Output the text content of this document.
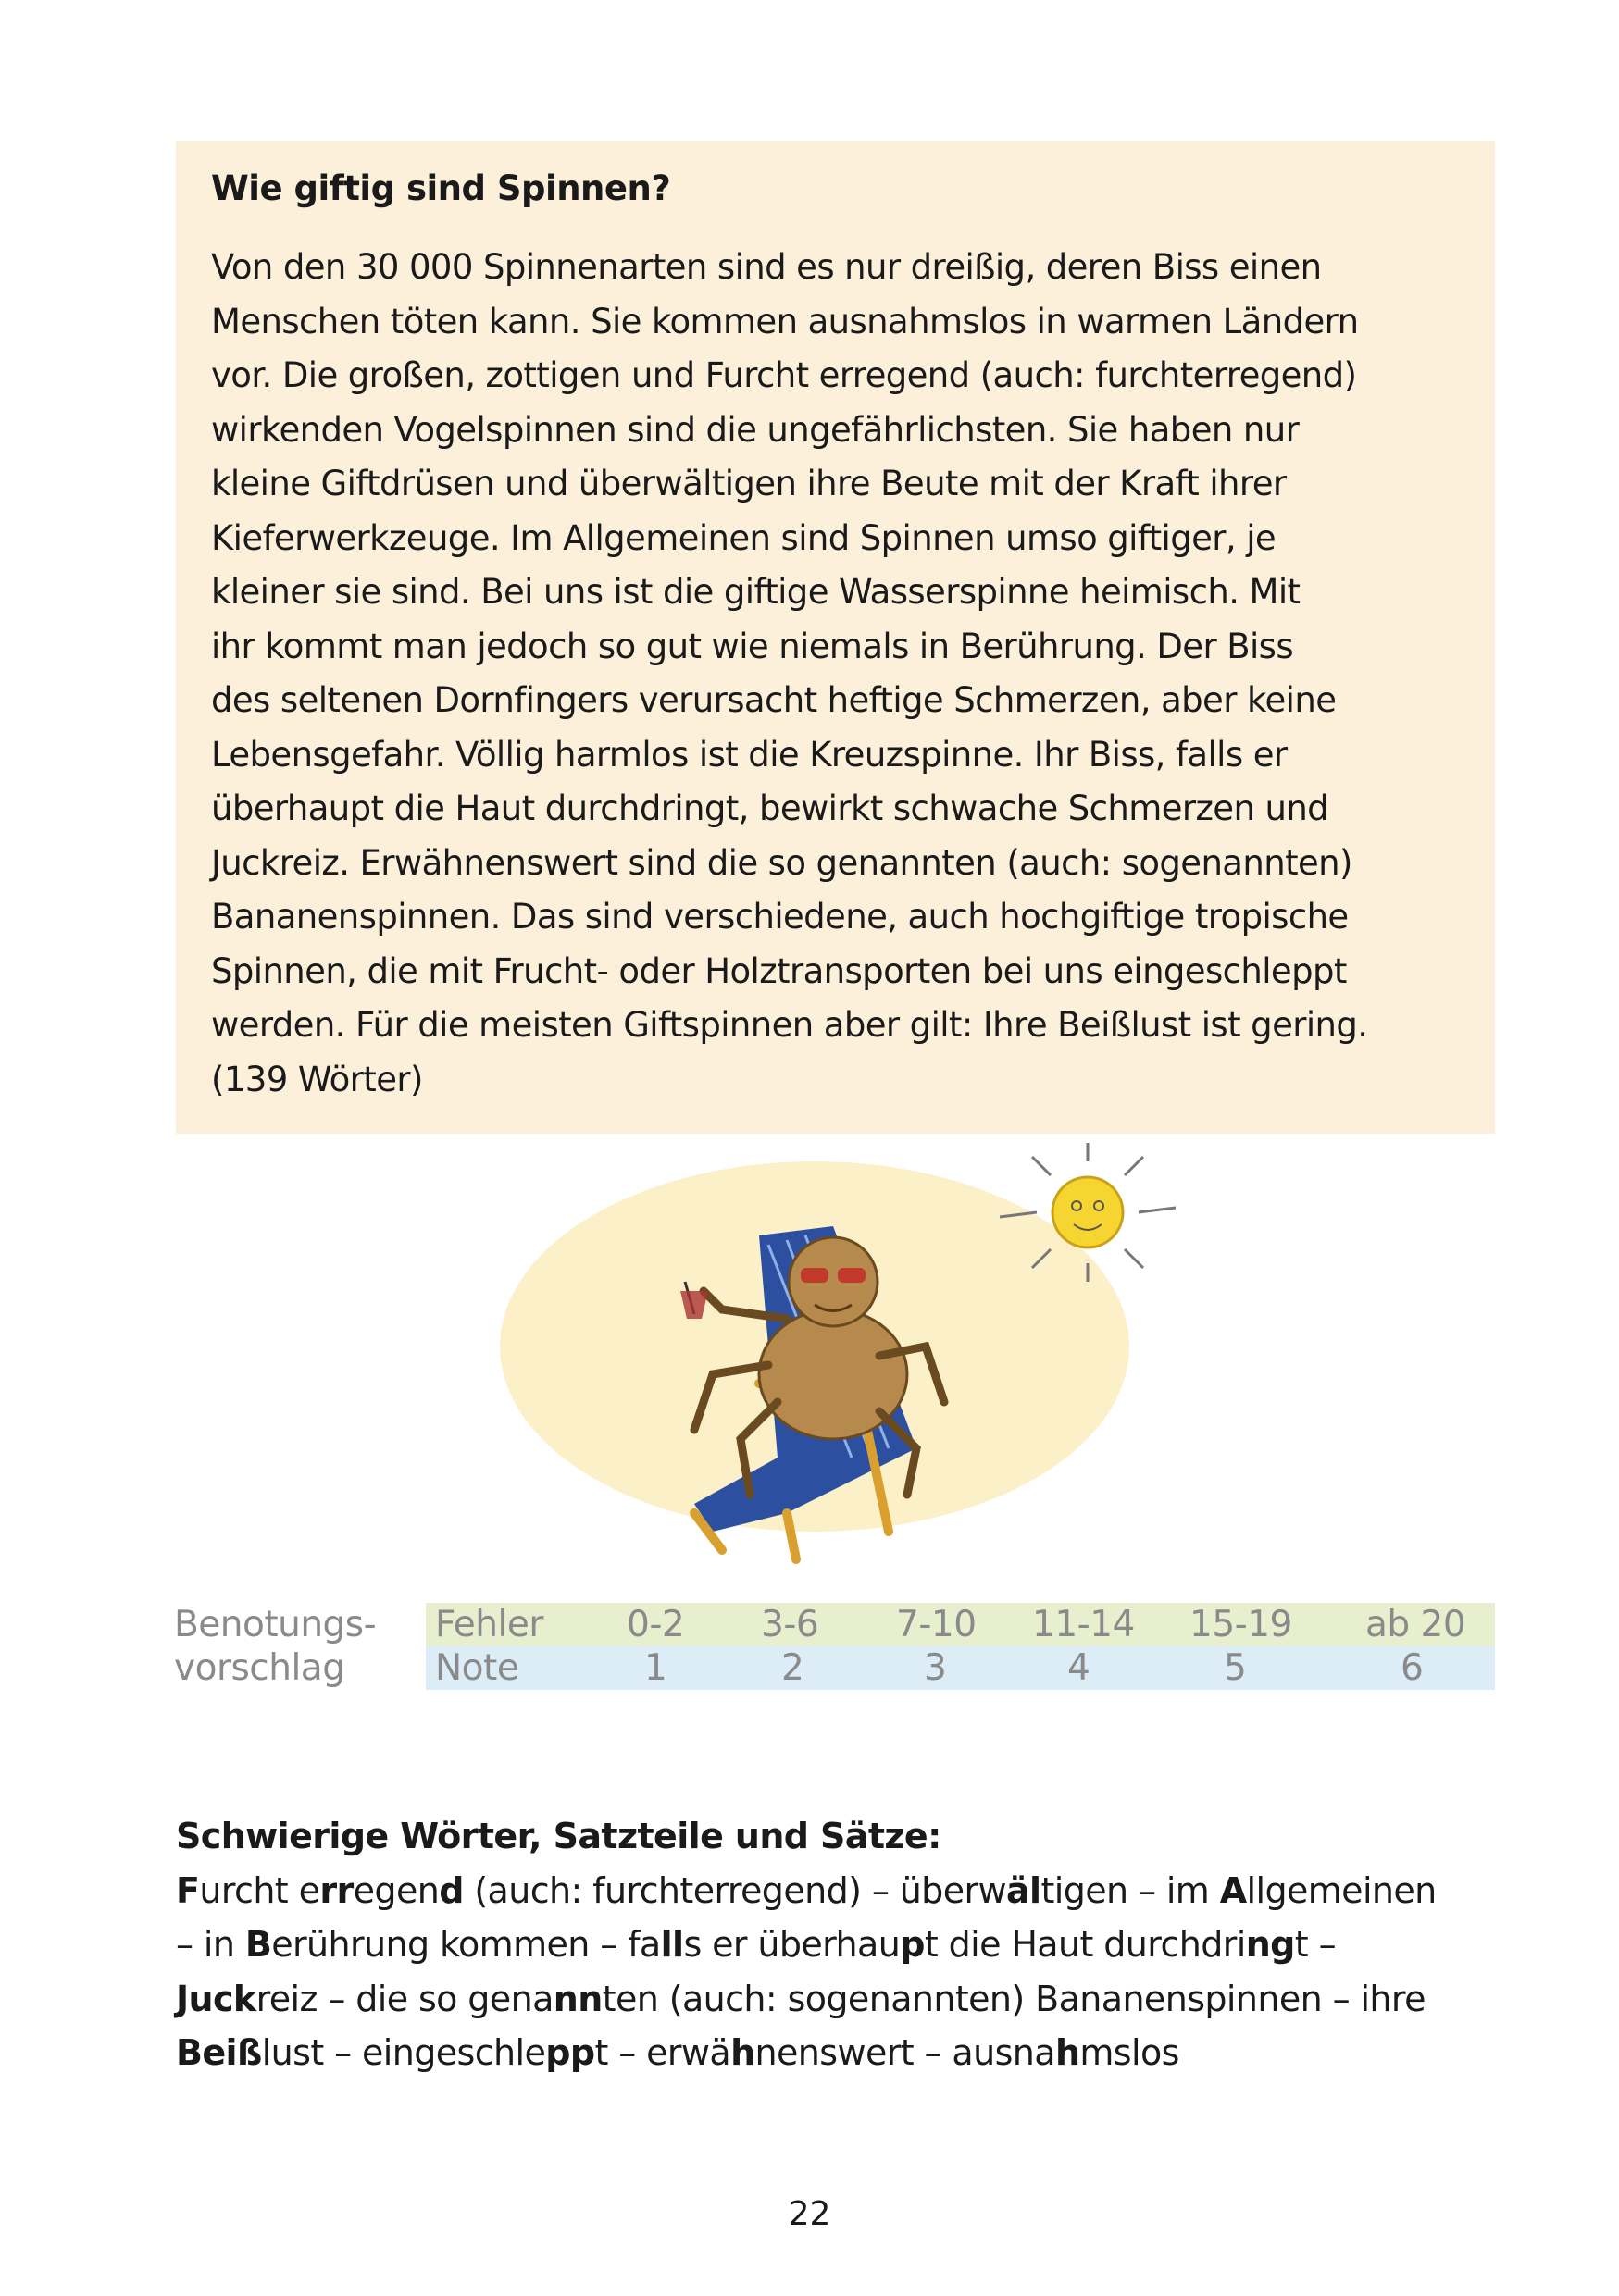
Wie giftig sind Spinnen?
Von den 30 000 Spinnenarten sind es nur dreißig, deren Biss einen
Menschen töten kann. Sie kommen ausnahmslos in warmen Ländern
vor. Die großen, zottigen und Furcht erregend (auch: furchterregend)
wirkenden Vogelspinnen sind die ungefährlichsten. Sie haben nur
kleine Giftdrüsen und überwältigen ihre Beute mit der Kraft ihrer
Kieferwerkzeuge. Im Allgemeinen sind Spinnen umso giftiger, je
kleiner sie sind. Bei uns ist die giftige Wasserspinne heimisch. Mit
ihr kommt man jedoch so gut wie niemals in Berührung. Der Biss
des seltenen Dornfingers verursacht heftige Schmerzen, aber keine
Lebensgefahr. Völlig harmlos ist die Kreuzspinne. Ihr Biss, falls er
überhaupt die Haut durchdringt, bewirkt schwache Schmerzen und
Juckreiz. Erwähnenswert sind die so genannten (auch: sogenannten)
Bananenspinnen. Das sind verschiedene, auch hochgiftige tropische
Spinnen, die mit Frucht- oder Holztransporten bei uns eingeschleppt
werden. Für die meisten Giftspinnen aber gilt: Ihre Beißlust ist gering.
(139 Wörter)
Benotungs-
vorschlag
Fehler 0-2 3-6 7-10 11-14 15-19 ab 20
Note	1	2	3	4	5	6
Schwierige Wörter, Satzteile und Sätze:
Furcht erregend (auch: furchterregend) – überwältigen – im Allgemeinen
– in Berührung kommen – falls er überhaupt die Haut durchdringt –
Juckreiz – die so genannten (auch: sogenannten) Bananenspinnen – ihre
Beißlust – eingeschleppt – erwähnenswert – ausnahmslos
22
